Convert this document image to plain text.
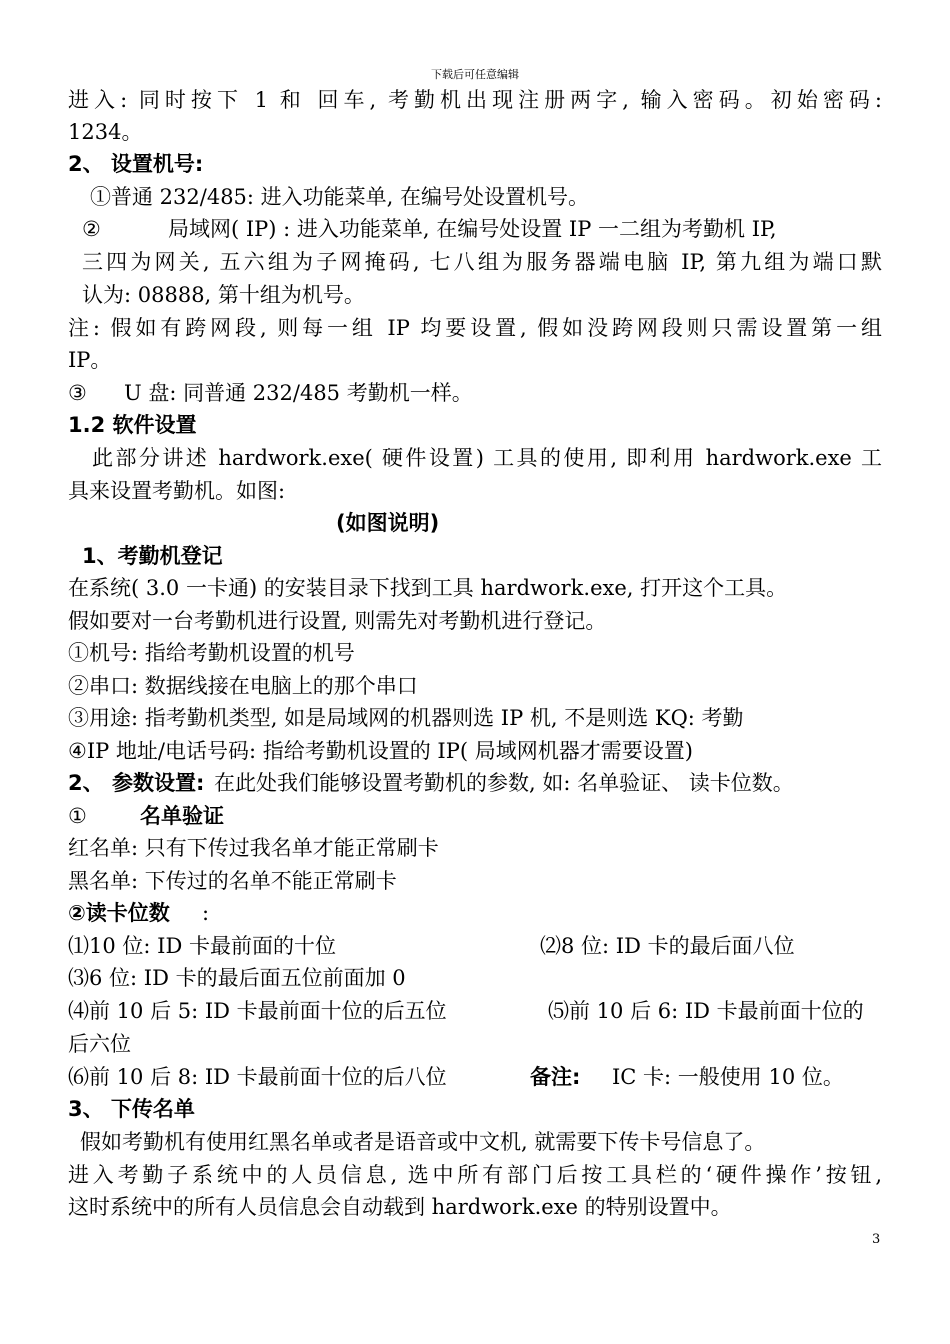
下载后可任意编辑
进入: 同时按下 1 和 回车, 考勤机出现注册两字, 输入密码。初始密码:
1234。
2、 设置机号:
①普通 232/485: 进入功能菜单, 在编号处设置机号。
②	局域网( IP) : 进入功能菜单, 在编号处设置 IP 一二组为考勤机 IP,
三四为网关, 五六组为子网掩码, 七八组为服务器端电脑 IP, 第九组为端口默
认为: 08888, 第十组为机号。
注: 假如有跨网段, 则每一组 IP 均要设置, 假如没跨网段则只需设置第一组
IP。
③ U 盘: 同普通 232/485 考勤机一样。
1.2 软件设置
此部分讲述 hardwork.exe( 硬件设置) 工具的使用, 即利用 hardwork.exe 工
具来设置考勤机。如图:
(如图说明)
1、考勤机登记
在系统( 3.0 一卡通) 的安装目录下找到工具 hardwork.exe, 打开这个工具。
假如要对一台考勤机进行设置, 则需先对考勤机进行登记。
①机号: 指给考勤机设置的机号
②串口: 数据线接在电脑上的那个串口
③用途: 指考勤机类型, 如是局域网的机器则选 IP 机, 不是则选 KQ: 考勤
④IP 地址/电话号码: 指给考勤机设置的 IP( 局域网机器才需要设置)
2、 参数设置: 在此处我们能够设置考勤机的参数, 如: 名单验证、 读卡位数。
①	名单验证
红名单: 只有下传过我名单才能正常刷卡
黑名单: 下传过的名单不能正常刷卡
②读卡位数 :
⑴10 位: ID 卡最前面的十位	⑵8 位: ID 卡的最后面八位
⑶6 位: ID 卡的最后面五位前面加 0
⑷前 10 后 5: ID 卡最前面十位的后五位	⑸前 10 后 6: ID 卡最前面十位的
后六位
⑹前 10 后 8: ID 卡最前面十位的后八位	备注: IC 卡: 一般使用 10 位。
3、 下传名单
假如考勤机有使用红黑名单或者是语音或中文机, 就需要下传卡号信息了。
进入考勤子系统中的人员信息, 选中所有部门后按工具栏的‘硬件操作’按钮,
这时系统中的所有人员信息会自动载到 hardwork.exe 的特别设置中。
3
